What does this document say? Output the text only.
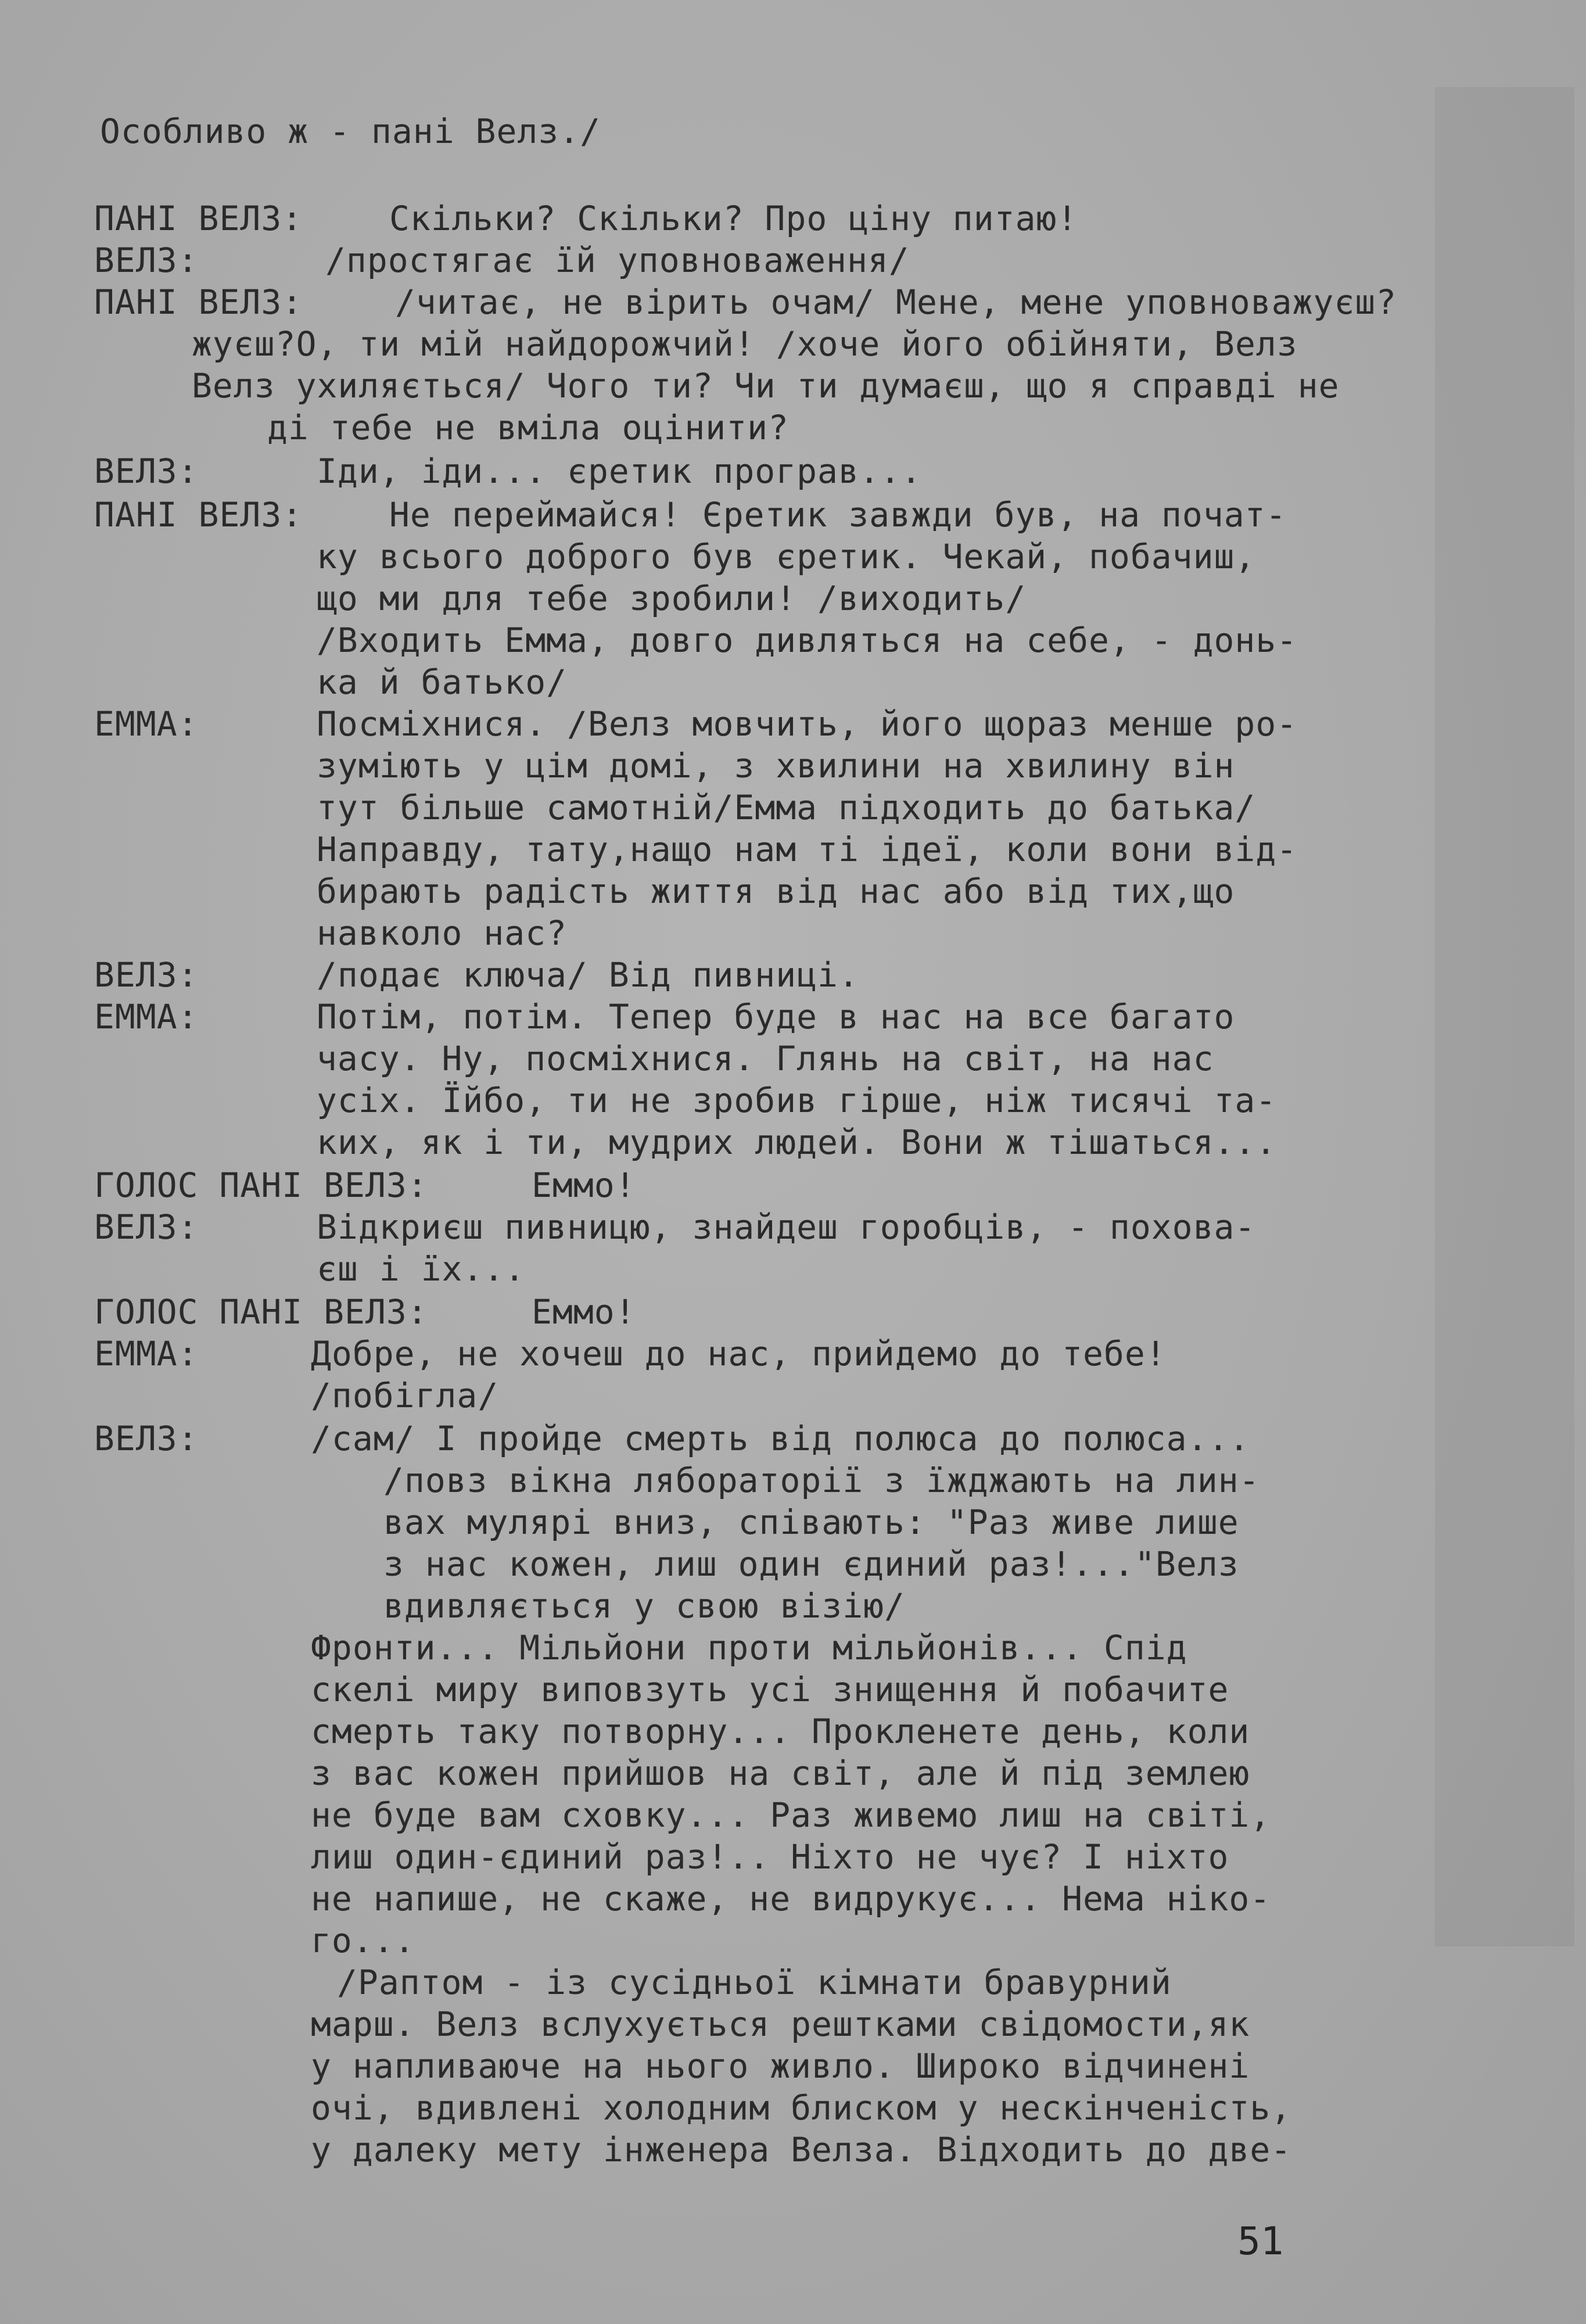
Особливо ж - пані Велз./
ПАНІ ВЕЛЗ:	Скільки? Скільки? Про ціну питаю!
ВЕЛЗ:	/простягає їй уповноваження/
ПАНІ ВЕЛЗ:	/читає, не вірить очам/ Мене, мене уповноважуєш?
жуєш?О, ти мій найдорожчий! /хоче його обійняти, Велз
Велз ухиляється/ Чого ти? Чи ти думаєш, що я справді не
ді тебе не вміла оцінити?
ВЕЛЗ:	Іди, іди... єретик програв...
ПАНІ ВЕЛЗ:	Не переймайся! Єретик завжди був, на почат-
ку всього доброго був єретик. Чекай, побачиш,
що ми для тебе зробили! /виходить/
/Входить Емма, довго дивляться на себе, - донь-
ка й батько/
ЕММА:	Посміхнися. /Велз мовчить, його щораз менше ро-
зуміють у цім домі, з хвилини на хвилину він
тут більше самотній/Емма підходить до батька/
Направду, тату,нащо нам ті ідеї, коли вони від-
бирають радість життя від нас або від тих,що
навколо нас?
ВЕЛЗ:	/подає ключа/ Від пивниці.
ЕММА:	Потім, потім. Тепер буде в нас на все багато
часу. Ну, посміхнися. Глянь на світ, на нас
усіх. Їйбо, ти не зробив гірше, ніж тисячі та-
ких, як і ти, мудрих людей. Вони ж тішаться...
ГОЛОС ПАНІ ВЕЛЗ:	Еммо!
ВЕЛЗ:	Відкриєш пивницю, знайдеш горобців, - похова-
єш і їх...
ГОЛОС ПАНІ ВЕЛЗ:	Еммо!
ЕММА:	Добре, не хочеш до нас, прийдемо до тебе!
/побігла/
ВЕЛЗ:	/сам/ І пройде смерть від полюса до полюса...
/повз вікна лябораторії з їжджають на лин-
вах мулярі вниз, співають: "Раз живе лише
з нас кожен, лиш один єдиний раз!..."Велз
вдивляється у свою візію/
Фронти... Мільйони проти мільйонів... Спід
скелі миру виповзуть усі знищення й побачите
смерть таку потворну... Прокленете день, коли
з вас кожен прийшов на світ, але й під землею
не буде вам сховку... Раз живемо лиш на світі,
лиш один-єдиний раз!.. Ніхто не чує? І ніхто
не напише, не скаже, не видрукує... Нема ніко-
го...
/Раптом - із сусідньої кімнати бравурний
марш. Велз вслухується рештками свідомости,як
у напливаюче на нього живло. Широко відчинені
очі, вдивлені холодним блиском у нескінченість,
у далеку мету інженера Велза. Відходить до две-
51
